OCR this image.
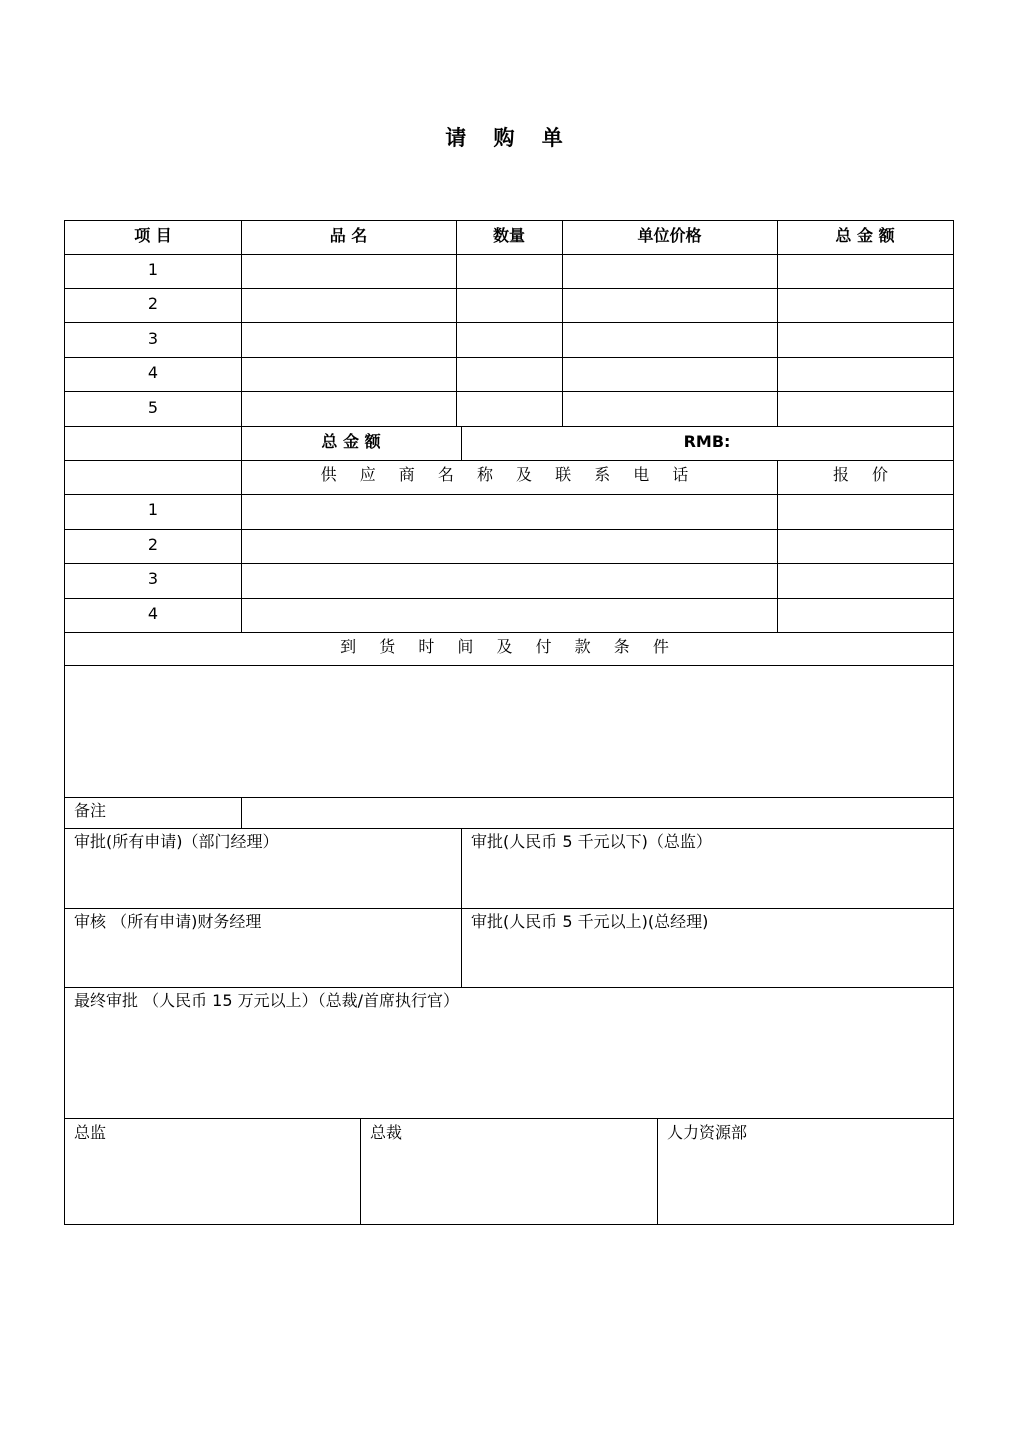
请 购 单
项 目	品 名	数量	单位价格	总 金 额
1
2
3
4
5
总 金 额	RMB:
供 应 商 名 称 及 联 系 电 话	报 价
1
2
3
4
到 货 时 间 及 付 款 条 件
备注
审批(所有申请)（部门经理）	审批(人民币 5 千元以下)（总监）
审核 （所有申请)财务经理	审批(人民币 5 千元以上)(总经理)
最终审批 （人民币 15 万元以上）（总裁/首席执行官）
总监	总裁	人力资源部
